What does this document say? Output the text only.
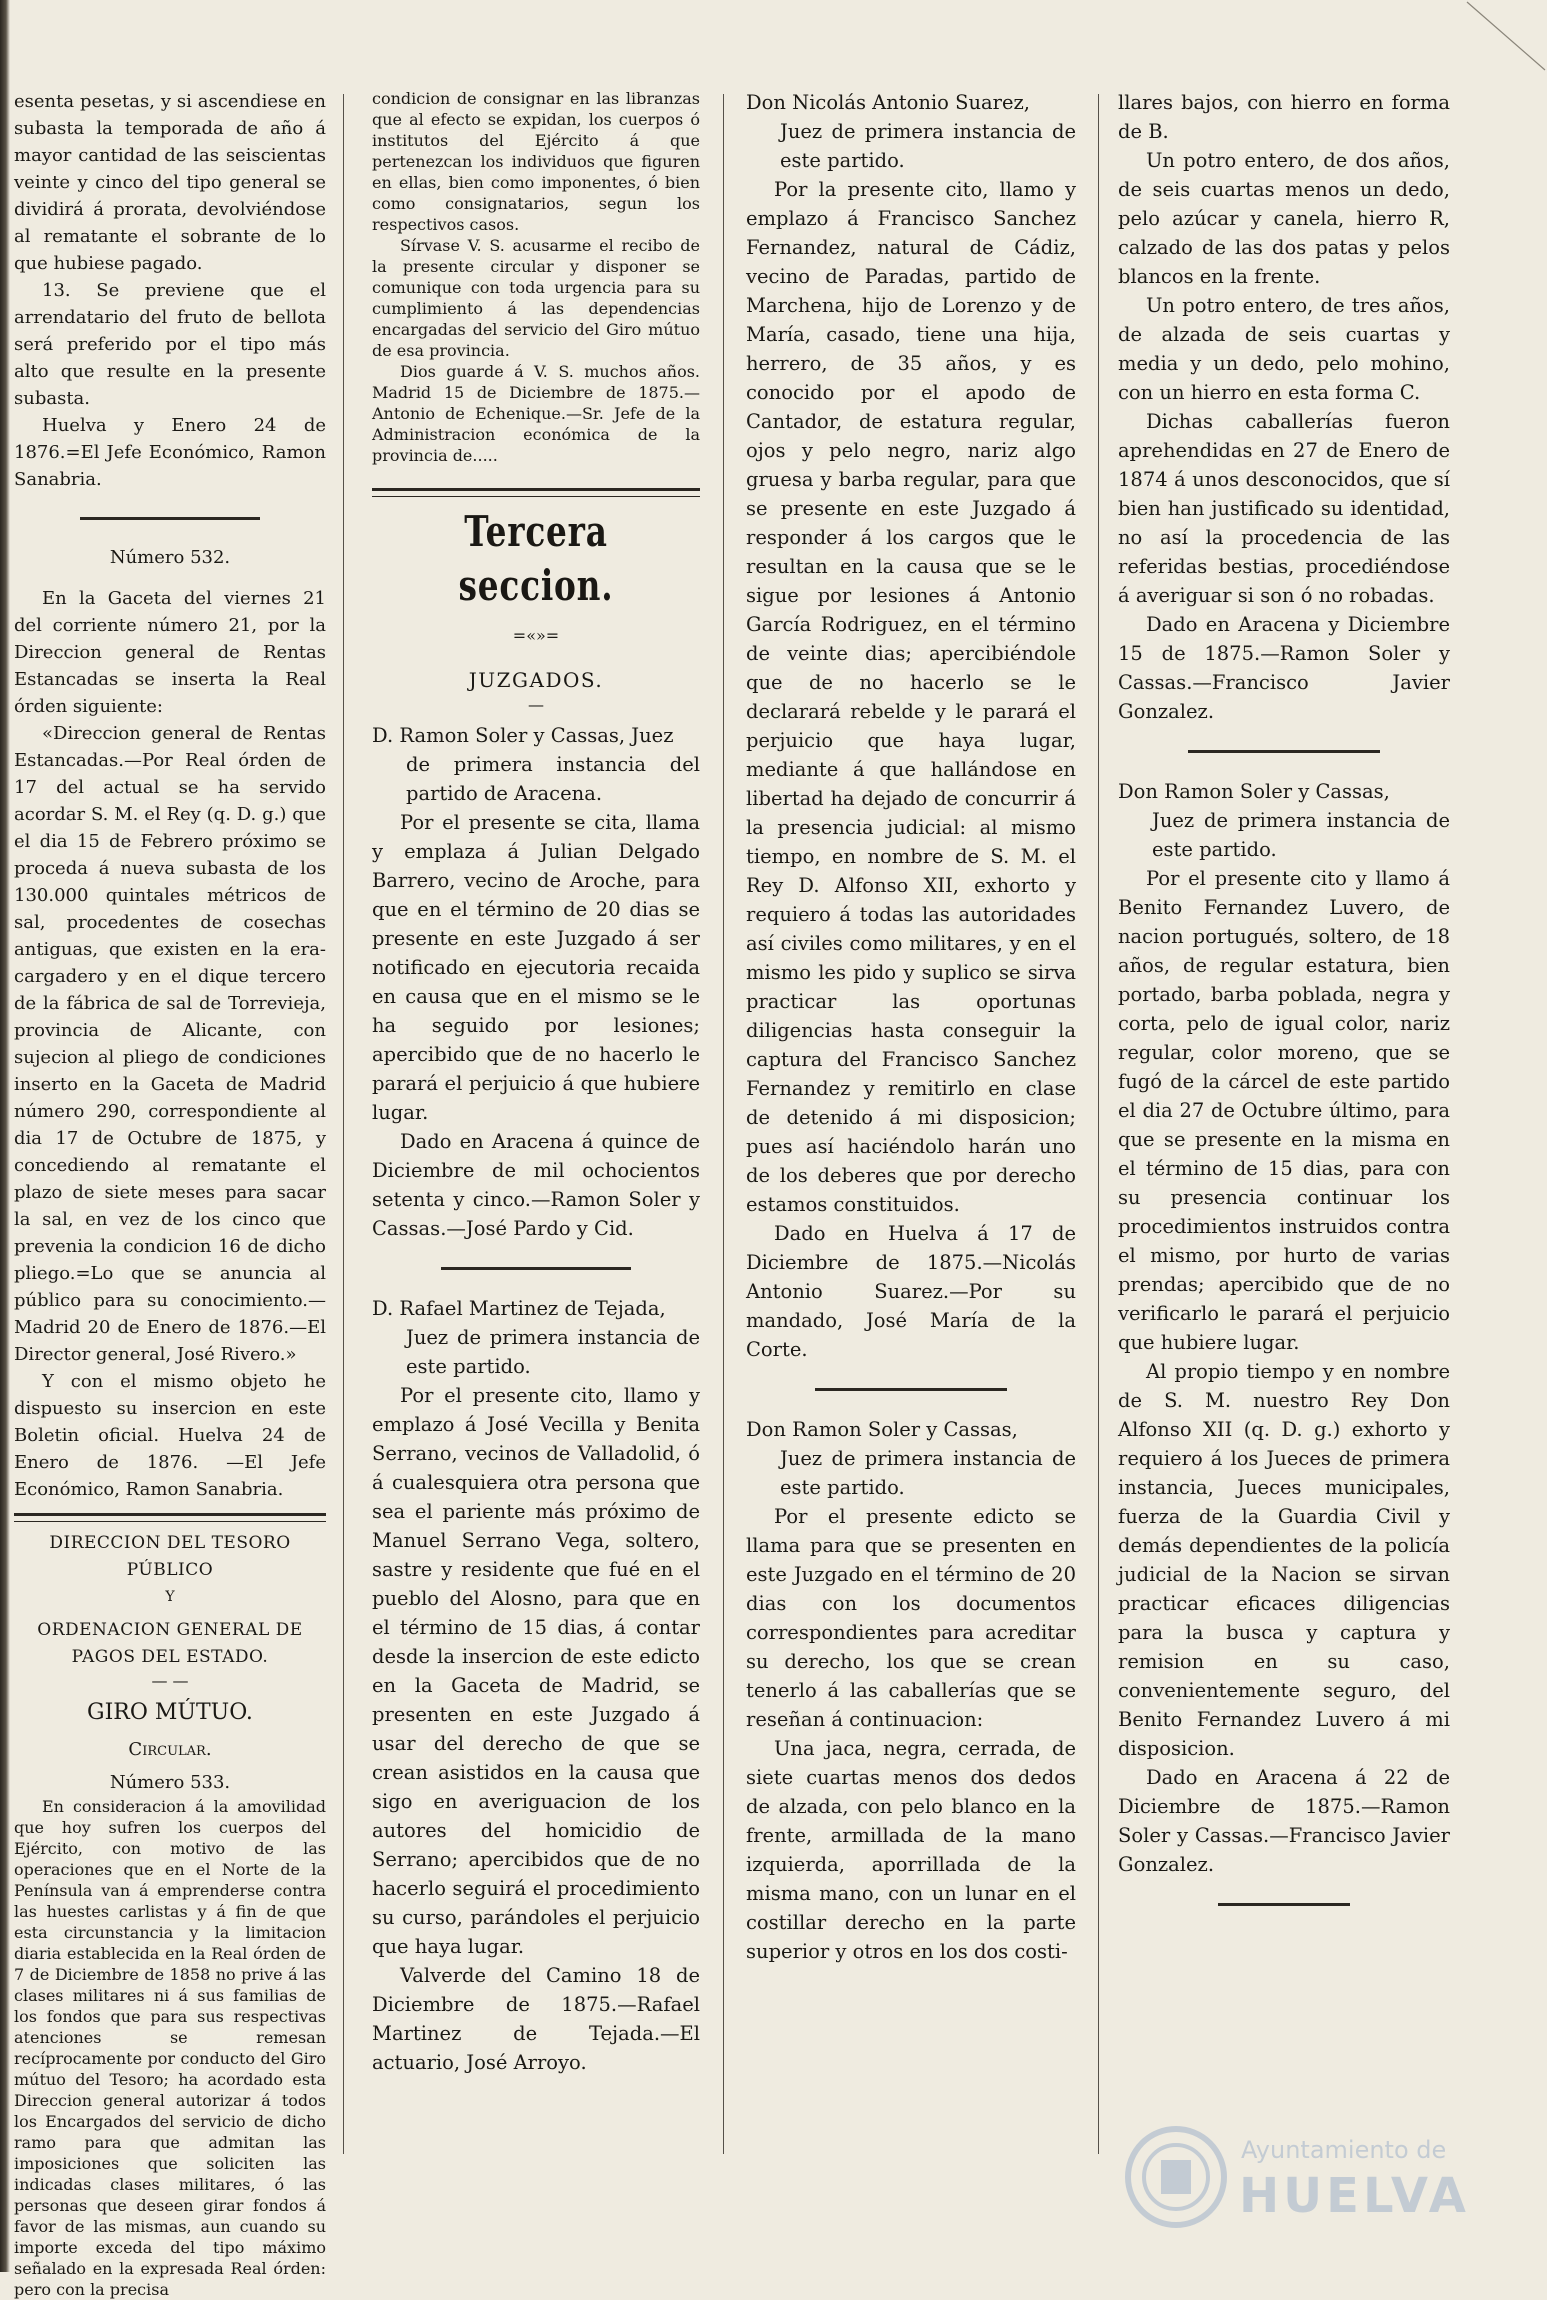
esenta pesetas, y si ascendiese en subasta la temporada de año á mayor cantidad de las seiscientas veinte y cinco del tipo general se dividirá á prorata, devolviéndose al rematante el sobrante de lo que hubiese pagado.

13. Se previene que el arrendatario del fruto de bellota será preferido por el tipo más alto que resulte en la presente subasta.

Huelva y Enero 24 de 1876.=El Jefe Económico, Ramon Sanabria.

Número 532.

En la Gaceta del viernes 21 del corriente número 21, por la Direccion general de Rentas Estancadas se inserta la Real órden siguiente:

«Direccion general de Rentas Estancadas.—Por Real órden de 17 del actual se ha servido acordar S. M. el Rey (q. D. g.) que el dia 15 de Febrero próximo se proceda á nueva subasta de los 130.000 quintales métricos de sal, procedentes de cosechas antiguas, que existen en la era-cargadero y en el dique tercero de la fábrica de sal de Torrevieja, provincia de Alicante, con sujecion al pliego de condiciones inserto en la Gaceta de Madrid número 290, correspondiente al dia 17 de Octubre de 1875, y concediendo al rematante el plazo de siete meses para sacar la sal, en vez de los cinco que prevenia la condicion 16 de dicho pliego.=Lo que se anuncia al público para su conocimiento.—Madrid 20 de Enero de 1876.—El Director general, José Rivero.»

Y con el mismo objeto he dispuesto su insercion en este Boletin oficial. Huelva 24 de Enero de 1876. —El Jefe Económico, Ramon Sanabria.

DIRECCION DEL TESORO PÚBLICO

Y

ORDENACION GENERAL DE PAGOS DEL ESTADO.

— —

GIRO MÚTUO.

Circular.

Número 533.

En consideracion á la amovilidad que hoy sufren los cuerpos del Ejército, con motivo de las operaciones que en el Norte de la Península van á emprenderse contra las huestes carlistas y á fin de que esta circunstancia y la limitacion diaria establecida en la Real órden de 7 de Diciembre de 1858 no prive á las clases militares ni á sus familias de los fondos que para sus respectivas atenciones se remesan recíprocamente por conducto del Giro mútuo del Tesoro; ha acordado esta Direccion general autorizar á todos los Encargados del servicio de dicho ramo para que admitan las imposiciones que soliciten las indicadas clases militares, ó las personas que deseen girar fondos á favor de las mismas, aun cuando su importe exceda del tipo máximo señalado en la expresada Real órden: pero con la precisa

condicion de consignar en las libranzas que al efecto se expidan, los cuerpos ó institutos del Ejército á que pertenezcan los individuos que figuren en ellas, bien como imponentes, ó bien como consignatarios, segun los respectivos casos.

Sírvase V. S. acusarme el recibo de la presente circular y disponer se comunique con toda urgencia para su cumplimiento á las dependencias encargadas del servicio del Giro mútuo de esa provincia.

Dios guarde á V. S. muchos años. Madrid 15 de Diciembre de 1875.—Antonio de Echenique.—Sr. Jefe de la Administracion económica de la provincia de.....

Tercera seccion.

=«»=

JUZGADOS.

—

D. Ramon Soler y Cassas, Juez

de primera instancia del partido de Aracena.

Por el presente se cita, llama y emplaza á Julian Delgado Barrero, vecino de Aroche, para que en el término de 20 dias se presente en este Juzgado á ser notificado en ejecutoria recaida en causa que en el mismo se le ha seguido por lesiones; apercibido que de no hacerlo le parará el perjuicio á que hubiere lugar.

Dado en Aracena á quince de Diciembre de mil ochocientos setenta y cinco.—Ramon Soler y Cassas.—José Pardo y Cid.

D. Rafael Martinez de Tejada,

Juez de primera instancia de este partido.

Por el presente cito, llamo y emplazo á José Vecilla y Benita Serrano, vecinos de Valladolid, ó á cualesquiera otra persona que sea el pariente más próximo de Manuel Serrano Vega, soltero, sastre y residente que fué en el pueblo del Alosno, para que en el término de 15 dias, á contar desde la insercion de este edicto en la Gaceta de Madrid, se presenten en este Juzgado á usar del derecho de que se crean asistidos en la causa que sigo en averiguacion de los autores del homicidio de Serrano; apercibidos que de no hacerlo seguirá el procedimiento su curso, parándoles el perjuicio que haya lugar.

Valverde del Camino 18 de Diciembre de 1875.—Rafael Martinez de Tejada.—El actuario, José Arroyo.

Don Nicolás Antonio Suarez,

Juez de primera instancia de este partido.

Por la presente cito, llamo y emplazo á Francisco Sanchez Fernandez, natural de Cádiz, vecino de Paradas, partido de Marchena, hijo de Lorenzo y de María, casado, tiene una hija, herrero, de 35 años, y es conocido por el apodo de Cantador, de estatura regular, ojos y pelo negro, nariz algo gruesa y barba regular, para que se presente en este Juzgado á responder á los cargos que le resultan en la causa que se le sigue por lesiones á Antonio García Rodriguez, en el término de veinte dias; apercibiéndole que de no hacerlo se le declarará rebelde y le parará el perjuicio que haya lugar, mediante á que hallándose en libertad ha dejado de concurrir á la presencia judicial: al mismo tiempo, en nombre de S. M. el Rey D. Alfonso XII, exhorto y requiero á todas las autoridades así civiles como militares, y en el mismo les pido y suplico se sirva practicar las oportunas diligencias hasta conseguir la captura del Francisco Sanchez Fernandez y remitirlo en clase de detenido á mi disposicion; pues así haciéndolo harán uno de los deberes que por derecho estamos constituidos.

Dado en Huelva á 17 de Diciembre de 1875.—Nicolás Antonio Suarez.—Por su mandado, José María de la Corte.

Don Ramon Soler y Cassas,

Juez de primera instancia de este partido.

Por el presente edicto se llama para que se presenten en este Juzgado en el término de 20 dias con los documentos correspondientes para acreditar su derecho, los que se crean tenerlo á las caballerías que se reseñan á continuacion:

Una jaca, negra, cerrada, de siete cuartas menos dos dedos de alzada, con pelo blanco en la frente, armillada de la mano izquierda, aporrillada de la misma mano, con un lunar en el costillar derecho en la parte superior y otros en los dos costi-

llares bajos, con hierro en forma de B.

Un potro entero, de dos años, de seis cuartas menos un dedo, pelo azúcar y canela, hierro R, calzado de las dos patas y pelos blancos en la frente.

Un potro entero, de tres años, de alzada de seis cuartas y media y un dedo, pelo mohino, con un hierro en esta forma C.

Dichas caballerías fueron aprehendidas en 27 de Enero de 1874 á unos desconocidos, que sí bien han justificado su identidad, no así la procedencia de las referidas bestias, procediéndose á averiguar si son ó no robadas.

Dado en Aracena y Diciembre 15 de 1875.—Ramon Soler y Cassas.—Francisco Javier Gonzalez.

Don Ramon Soler y Cassas,

Juez de primera instancia de este partido.

Por el presente cito y llamo á Benito Fernandez Luvero, de nacion portugués, soltero, de 18 años, de regular estatura, bien portado, barba poblada, negra y corta, pelo de igual color, nariz regular, color moreno, que se fugó de la cárcel de este partido el dia 27 de Octubre último, para que se presente en la misma en el término de 15 dias, para con su presencia continuar los procedimientos instruidos contra el mismo, por hurto de varias prendas; apercibido que de no verificarlo le parará el perjuicio que hubiere lugar.

Al propio tiempo y en nombre de S. M. nuestro Rey Don Alfonso XII (q. D. g.) exhorto y requiero á los Jueces de primera instancia, Jueces municipales, fuerza de la Guardia Civil y demás dependientes de la policía judicial de la Nacion se sirvan practicar eficaces diligencias para la busca y captura y remision en su caso, convenientemente seguro, del Benito Fernandez Luvero á mi disposicion.

Dado en Aracena á 22 de Diciembre de 1875.—Ramon Soler y Cassas.—Francisco Javier Gonzalez.

Ayuntamiento de
HUELVA
